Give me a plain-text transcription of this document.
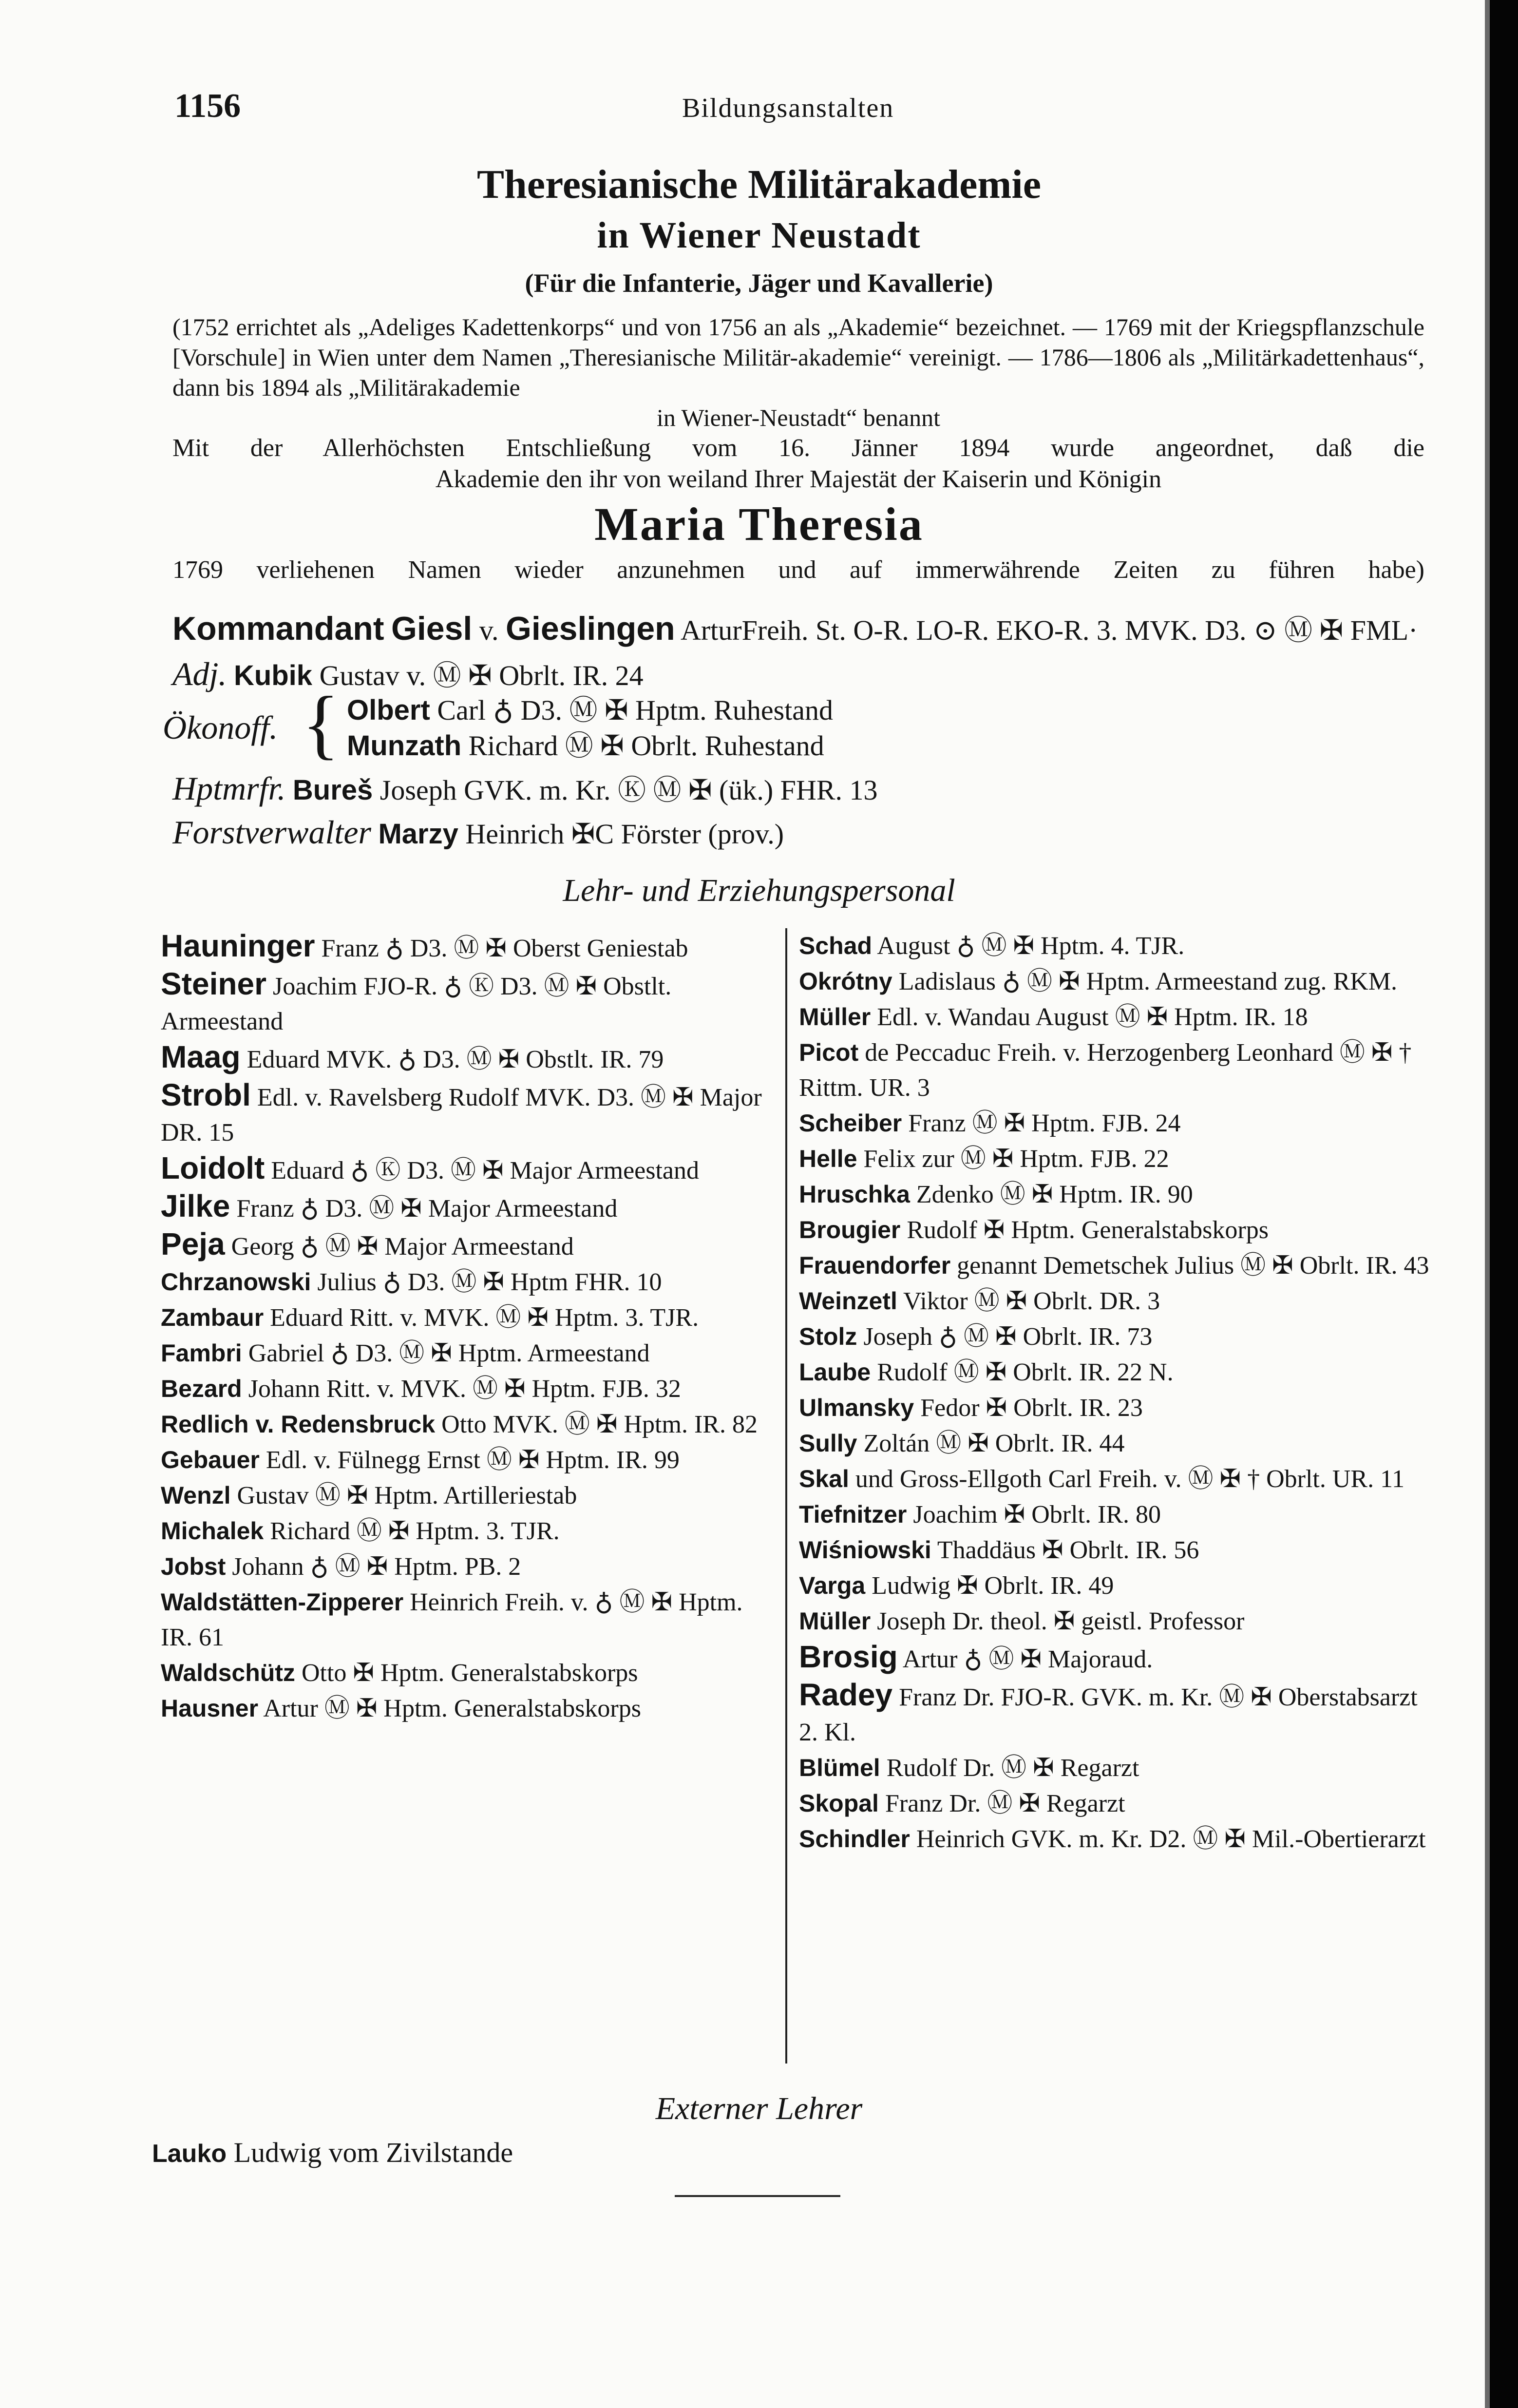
1156	Bildungsanstalten
Theresianische Militärakademie
in Wiener Neustadt
(Für die Infanterie, Jäger und Kavallerie)
(1752 errichtet als „Adeliges Kadettenkorps“ und von 1756 an als „Akademie“ bezeichnet. — 1769 mit der Kriegspflanzschule [Vorschule] in Wien unter dem Namen „Theresianische Militär-akademie“ vereinigt. — 1786—1806 als „Militärkadettenhaus“, dann bis 1894 als „Militärakademie
in Wiener-Neustadt“ benannt
Mit der Allerhöchsten Entschließung vom 16. Jänner 1894 wurde angeordnet, daß die
Akademie den ihr von weiland Ihrer Majestät der Kaiserin und Königin
Maria Theresia
1769 verliehenen Namen wieder anzunehmen und auf immerwährende Zeiten zu führen habe)
Kommandant Giesl v. Gieslingen ArturFreih. St. O-R. LO-R. EKO-R. 3. MVK. D3. ⊙ Ⓜ ✠ FML·
Adj. Kubik Gustav v. Ⓜ ✠ Obrlt. IR. 24
Ökonoff. { Olbert Carl ♁ D3. Ⓜ ✠ Hptm. Ruhestand
Munzath Richard Ⓜ ✠ Obrlt. Ruhestand
Hptmrfr. Bureš Joseph GVK. m. Kr. Ⓚ Ⓜ ✠ (ük.) FHR. 13
Forstverwalter Marzy Heinrich ✠C Förster (prov.)
Lehr- und Erziehungspersonal

Hauninger Franz ♁ D3. Ⓜ ✠ Oberst Geniestab

Steiner Joachim FJO-R. ♁ Ⓚ D3. Ⓜ ✠ Obstlt. Armeestand

Maag Eduard MVK. ♁ D3. Ⓜ ✠ Obstlt. IR. 79

Strobl Edl. v. Ravelsberg Rudolf MVK. D3. Ⓜ ✠ Major DR. 15

Loidolt Eduard ♁ Ⓚ D3. Ⓜ ✠ Major Armeestand

Jilke Franz ♁ D3. Ⓜ ✠ Major Armeestand

Peja Georg ♁ Ⓜ ✠ Major Armeestand

Chrzanowski Julius ♁ D3. Ⓜ ✠ Hptm FHR. 10

Zambaur Eduard Ritt. v. MVK. Ⓜ ✠ Hptm. 3. TJR.

Fambri Gabriel ♁ D3. Ⓜ ✠ Hptm. Armeestand

Bezard Johann Ritt. v. MVK. Ⓜ ✠ Hptm. FJB. 32

Redlich v. Redensbruck Otto MVK. Ⓜ ✠ Hptm. IR. 82

Gebauer Edl. v. Fülnegg Ernst Ⓜ ✠ Hptm. IR. 99

Wenzl Gustav Ⓜ ✠ Hptm. Artilleriestab

Michalek Richard Ⓜ ✠ Hptm. 3. TJR.

Jobst Johann ♁ Ⓜ ✠ Hptm. PB. 2

Waldstätten-Zipperer Heinrich Freih. v. ♁ Ⓜ ✠ Hptm. IR. 61

Waldschütz Otto ✠ Hptm. Generalstabskorps

Hausner Artur Ⓜ ✠ Hptm. Generalstabskorps

Schad August ♁ Ⓜ ✠ Hptm. 4. TJR.

Okrótny Ladislaus ♁ Ⓜ ✠ Hptm. Armeestand zug. RKM.

Müller Edl. v. Wandau August Ⓜ ✠ Hptm. IR. 18

Picot de Peccaduc Freih. v. Herzogenberg Leonhard Ⓜ ✠ † Rittm. UR. 3

Scheiber Franz Ⓜ ✠ Hptm. FJB. 24

Helle Felix zur Ⓜ ✠ Hptm. FJB. 22

Hruschka Zdenko Ⓜ ✠ Hptm. IR. 90

Brougier Rudolf ✠ Hptm. Generalstabskorps

Frauendorfer genannt Demetschek Julius Ⓜ ✠ Obrlt. IR. 43

Weinzetl Viktor Ⓜ ✠ Obrlt. DR. 3

Stolz Joseph ♁ Ⓜ ✠ Obrlt. IR. 73

Laube Rudolf Ⓜ ✠ Obrlt. IR. 22 N.

Ulmansky Fedor ✠ Obrlt. IR. 23

Sully Zoltán Ⓜ ✠ Obrlt. IR. 44

Skal und Gross-Ellgoth Carl Freih. v. Ⓜ ✠ † Obrlt. UR. 11

Tiefnitzer Joachim ✠ Obrlt. IR. 80

Wiśniowski Thaddäus ✠ Obrlt. IR. 56

Varga Ludwig ✠ Obrlt. IR. 49

Müller Joseph Dr. theol. ✠ geistl. Professor

Brosig Artur ♁ Ⓜ ✠ Majoraud.

Radey Franz Dr. FJO-R. GVK. m. Kr. Ⓜ ✠ Oberstabsarzt 2. Kl.

Blümel Rudolf Dr. Ⓜ ✠ Regarzt

Skopal Franz Dr. Ⓜ ✠ Regarzt

Schindler Heinrich GVK. m. Kr. D2. Ⓜ ✠ Mil.-Obertierarzt

Externer Lehrer
Lauko Ludwig vom Zivilstande
